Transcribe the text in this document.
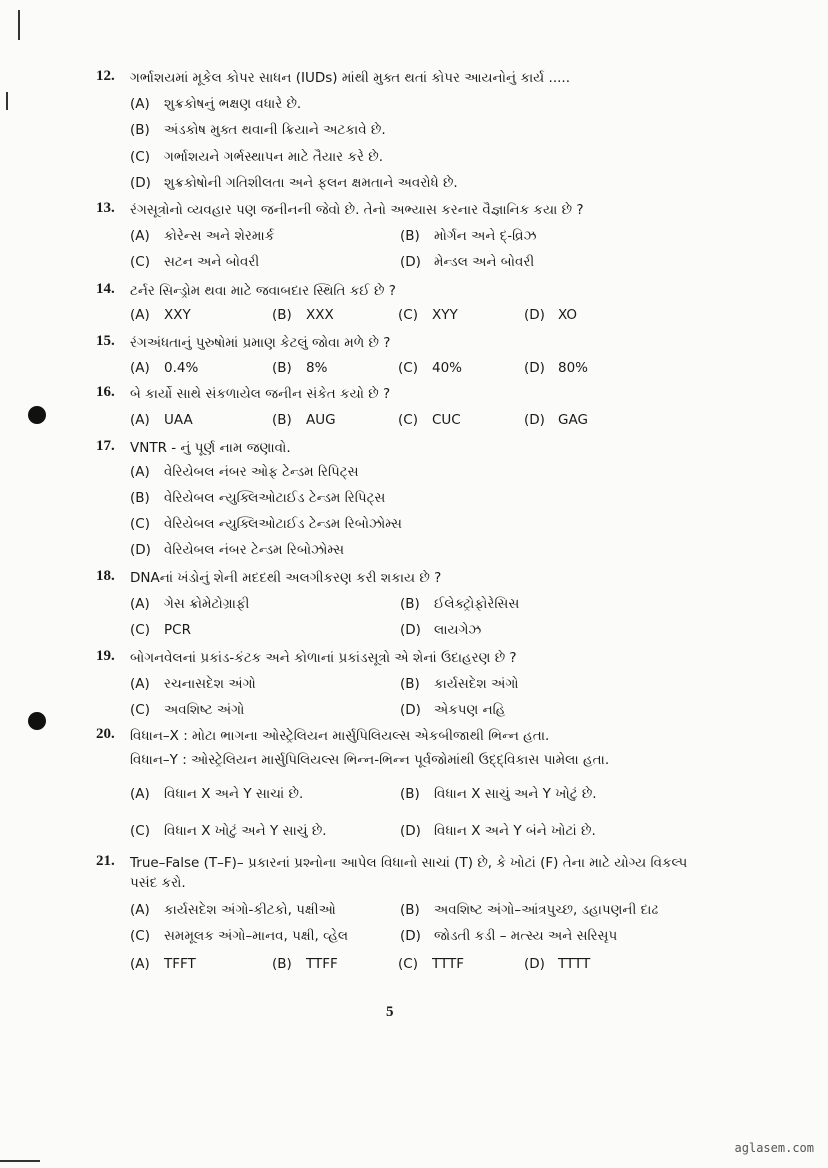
12. ગર્ભાશયમાં મૂકેલ કોપર સાધન (IUDs) માંથી મુક્ત થતાં કોપર આયનોનું કાર્ય .....
(A) શુક્રકોષનું ભક્ષણ વધારે છે.
(B) અંડકોષ મુક્ત થવાની ક્રિયાને અટકાવે છે.
(C) ગર્ભાશયને ગર્ભસ્થાપન માટે તૈયાર કરે છે.
(D) શુક્રકોષોની ગતિશીલતા અને ફલન ક્ષમતાને અવરોધે છે.
13. રંગસૂત્રોનો વ્યવહાર પણ જનીનની જેવો છે. તેનો અભ્યાસ કરનાર વૈજ્ઞાનિક કયા છે ?
(A) કોરેન્સ અને શેરમાર્ક	(B) મોર્ગન અને દ્-વ્રિઝ
(C) સટન અને બોવરી	(D) મેન્ડલ અને બોવરી
14. ટર્નર સિન્ડ્રોમ થવા માટે જવાબદાર સ્થિતિ કઈ છે ?
(A) XXY	(B) XXX	(C) XYY	(D) XO
15. રંગઅંધતાનું પુરુષોમાં પ્રમાણ કેટલું જોવા મળે છે ?
(A) 0.4%	(B) 8%	(C) 40%	(D) 80%
16. બે કાર્યો સાથે સંકળાયેલ જનીન સંકેત કયો છે ?
(A) UAA	(B) AUG	(C) CUC	(D) GAG
17. VNTR - નું પૂર્ણ નામ જણાવો.
(A) વેરિયેબલ નંબર ઓફ ટેન્ડમ રિપિટ્સ
(B) વેરિયેબલ ન્યુક્લિઓટાઈડ ટેન્ડમ રિપિટ્સ
(C) વેરિયેબલ ન્યુક્લિઓટાઈડ ટેન્ડમ રિબોઝોમ્સ
(D) વેરિયેબલ નંબર ટેન્ડમ રિબોઝોમ્સ
18. DNAનાં ખંડોનું શેની મદદથી અલગીકરણ કરી શકાય છે ?
(A) ગેસ ક્રોમેટોગ્રાફી	(B) ઈલેક્ટ્રોફોરેસિસ
(C) PCR	(D) લાયગેઝ
19. બોગનવેલનાં પ્રકાંડ-કંટક અને કોળાનાં પ્રકાંડસૂત્રો એ શેનાં ઉદાહરણ છે ?
(A) રચનાસદેશ અંગો	(B) કાર્યસદેશ અંગો
(C) અવશિષ્ટ અંગો	(D) એકપણ નહિ
20. વિધાન–X : મોટા ભાગના ઓસ્ટ્રેલિયન માર્સુપિલિયલ્સ એકબીજાથી ભિન્ન હતા.
વિધાન–Y : ઓસ્ટ્રેલિયન માર્સુપિલિયલ્સ ભિન્ન-ભિન્ન પૂર્વજોમાંથી ઉદ્દ્‌વિકાસ પામેલા હતા.
(A) વિધાન X અને Y સાચાં છે.	(B) વિધાન X સાચું અને Y ખોટું છે.
(C) વિધાન X ખોટું અને Y સાચું છે.	(D) વિધાન X અને Y બંને ખોટાં છે.
21. True–False (T–F)– પ્રકારનાં પ્રશ્નોના આપેલ વિધાનો સાચાં (T) છે, કે ખોટાં (F) તેના માટે યોગ્ય વિકલ્પ
પસંદ કરો.
(A) કાર્યસદેશ અંગો-કીટકો, પક્ષીઓ	(B) અવશિષ્ટ અંગો–આંત્રપુચ્છ, ડહાપણની દાઢ
(C) સમમૂલક અંગો–માનવ, પક્ષી, વ્હેલ	(D) જોડતી કડી – મત્સ્ય અને સરિસૃપ
(A) TFFT	(B) TTFF	(C) TTTF	(D) TTTT
5
aglasem.com
